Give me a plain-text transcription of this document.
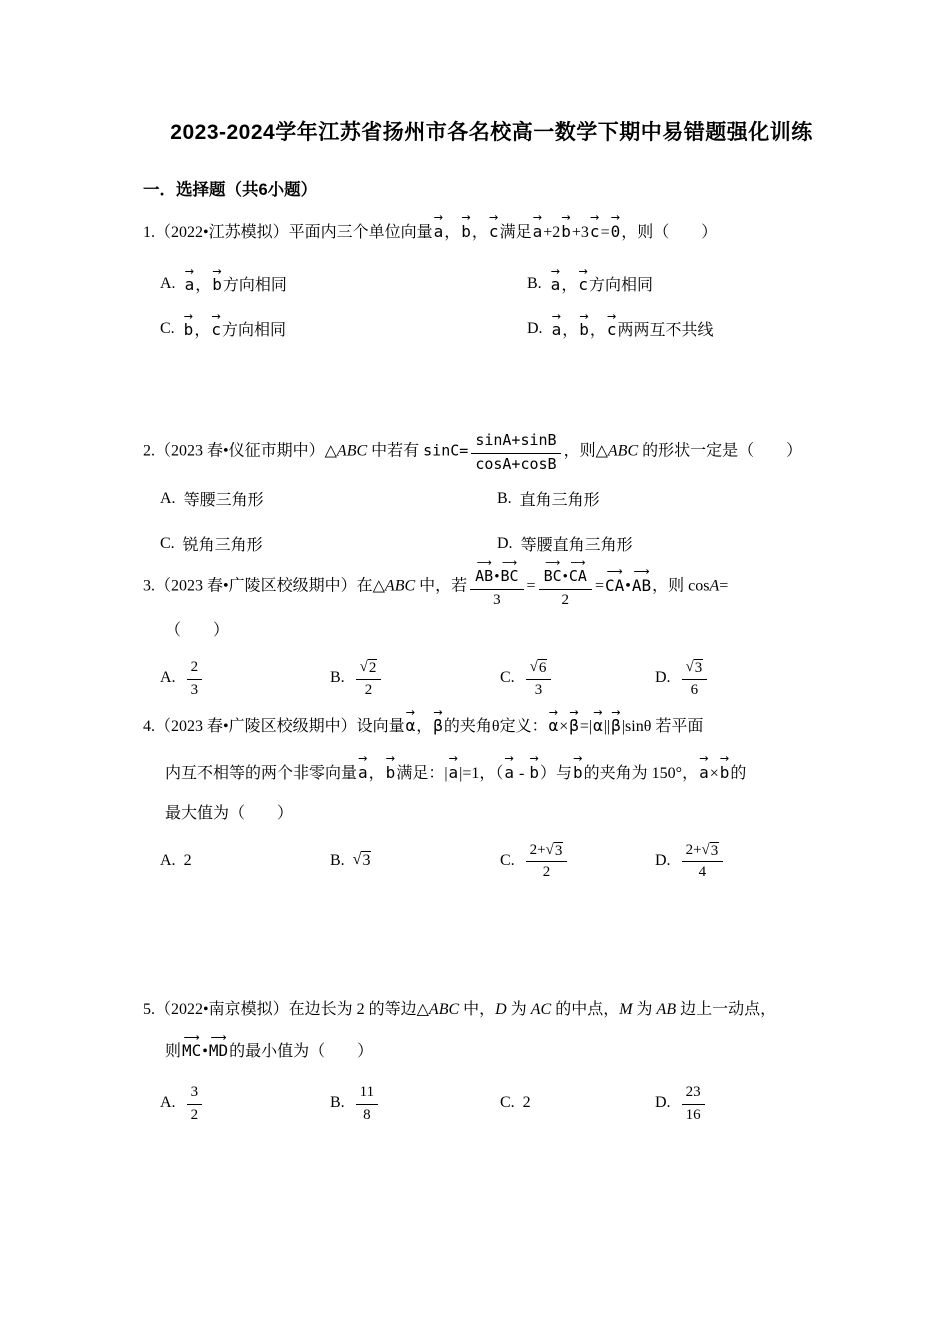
2023-2024学年江苏省扬州市各名校高一数学下期中易错题强化训练
一．选择题（共6小题）
1.（2022•江苏模拟）平面内三个单位向量→ a，→ b，→ c满足→ a+2→ b+3→ c=→ 0，则（　　）
A. → a，→ b方向相同	B. → a，→ c方向相同
C. → b，→ c方向相同	D. → a，→ b，→ c两两互不共线
2.（2023 春•仪征市期中）△ABC 中若有 $\sin C= \frac{\sin A+\sin B}{\cos A+\cos B}$ ，则△ABC 的形状一定是（　　）
A. 等腰三角形	B. 直角三角形
C. 锐角三角形	D. 等腰直角三角形
3.（2023 春•广陵区校级期中）在△ABC 中，若 ⟶ $\frac{AB•⟶ BC}{3}$ = ⟶ $\frac{BC•⟶ CA}{2}$ =⟶ CA•⟶ AB，则 cosA=
（　　）
A. $\frac{2}{3}$	B. $\frac{√ 2}{2}$	C. $\frac{√ 6}{3}$	D. $\frac{√ 3}{6}$
4.（2023 春•广陵区校级期中）设向量→ α，→ β的夹角θ定义：→ α×→ β=|→ α||→ β|sinθ 若平面
内互不相等的两个非零向量→ a，→ b满足：|→ a|=1，（→ a - → b）与→ b的夹角为 150°，→ a×→ b的
最大值为（　　）
A. 2	B. √ 3	C. $\frac{2+ √ 3}{2}$	D. $\frac{2+ √ 3}{4}$
5.（2022•南京模拟）在边长为 2 的等边△ABC 中，D 为 AC 的中点，M 为 AB 边上一动点，
则⟶ MC•⟶ MD的最小值为（　　）
A. $\frac{3}{2}$	B. $\frac{11}{8}$	C. 2	D. $\frac{23}{16}$
